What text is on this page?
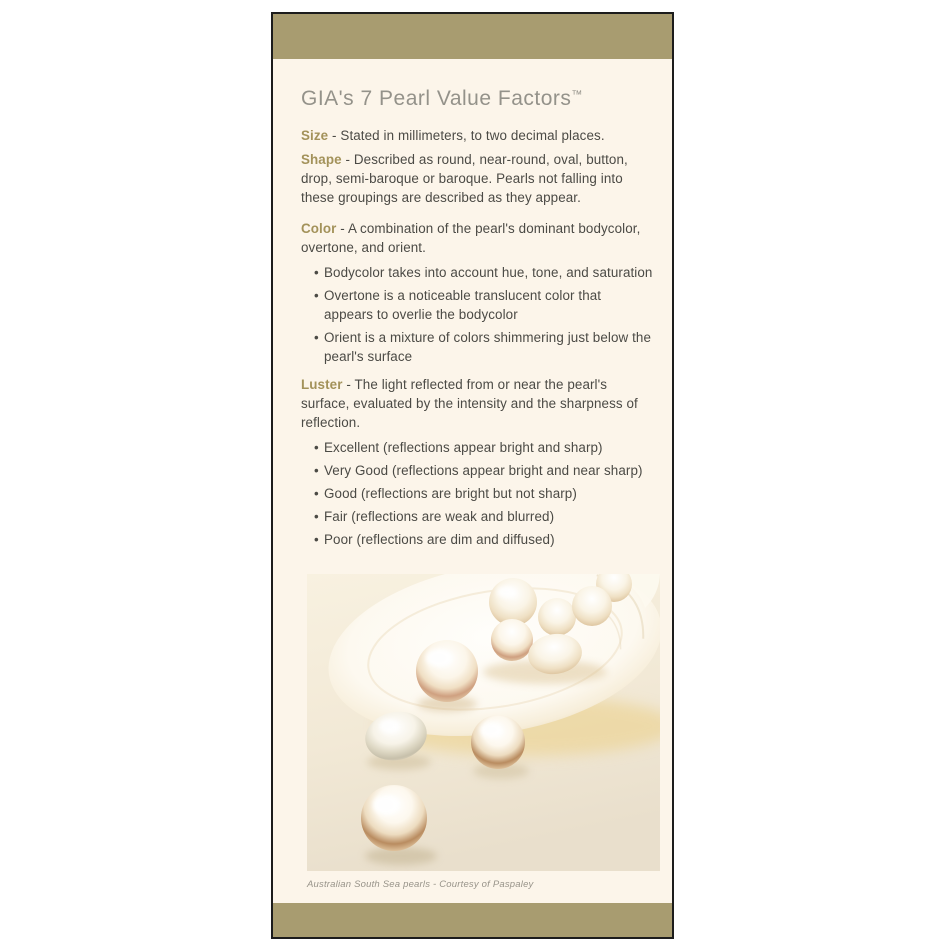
GIA's 7 Pearl Value Factors™

Size - Stated in millimeters, to two decimal places.

Shape - Described as round, near-round, oval, button, drop, semi-baroque or baroque. Pearls not falling into these groupings are described as they appear.

Color - A combination of the pearl's dominant bodycolor, overtone, and orient.

• Bodycolor takes into account hue, tone, and saturation
• Overtone is a noticeable translucent color that appears to overlie the bodycolor
• Orient is a mixture of colors shimmering just below the pearl's surface

Luster - The light reflected from or near the pearl's surface, evaluated by the intensity and the sharpness of reflection.

• Excellent (reflections appear bright and sharp)
• Very Good (reflections appear bright and near sharp)
• Good (reflections are bright but not sharp)
• Fair (reflections are weak and blurred)
• Poor (reflections are dim and diffused)
Australian South Sea pearls - Courtesy of Paspaley
